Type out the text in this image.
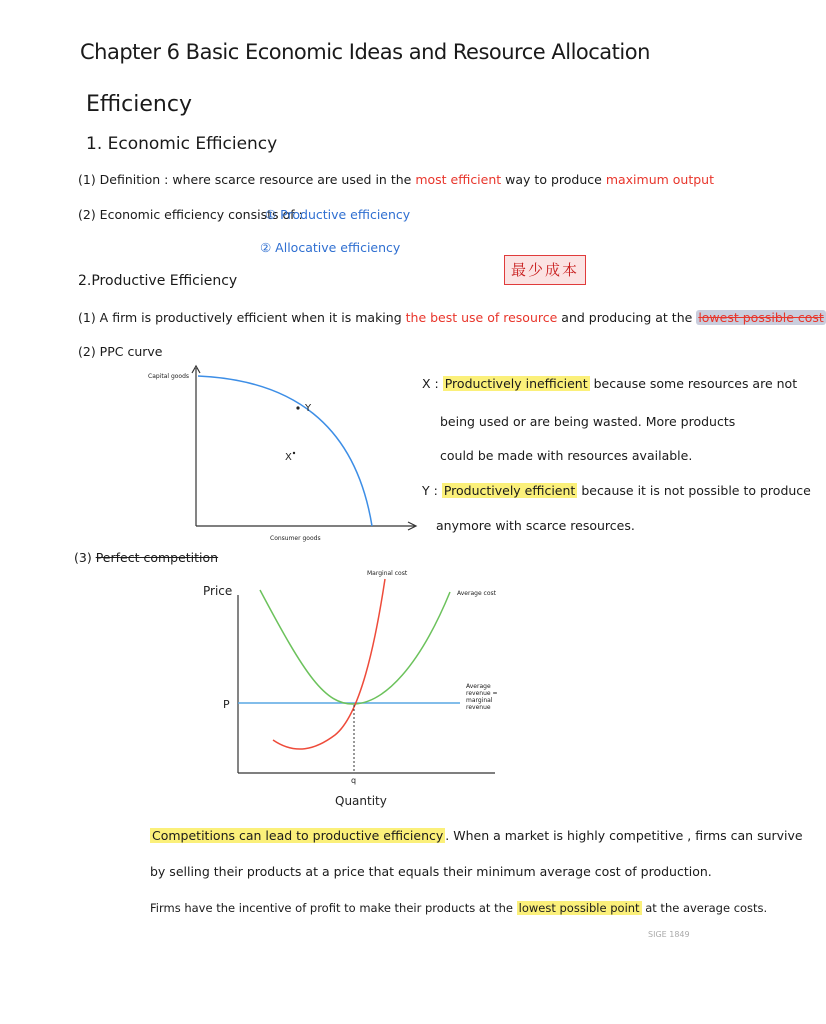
Chapter 6 Basic Economic Ideas and Resource Allocation
Efficiency
1. Economic Efficiency
(1) Definition : where scarce resource are used in the most efficient way to produce maximum output
(2) Economic efficiency consists of :
① Productive efficiency
② Allocative efficiency
最少成本
2.Productive Efficiency
(1) A firm is productively efficient when it is making the best use of resource and producing at the lowest possible cost
(2) PPC curve
Y
X
Capital goods
Consumer goods
X : Productively inefficient because some resources are not
being used or are being wasted. More products
could be made with resources available.
Y : Productively efficient because it is not possible to produce
anymore with scarce resources.
(3) Perfect competition
Price
P
q
Quantity
Marginal cost
Average cost
Average revenue = marginal revenue
Competitions can lead to productive efficiency . When a market is highly competitive , firms can survive
by selling their products at a price that equals their minimum average cost of production.
Firms have the incentive of profit to make their products at the lowest possible point at the average costs.
SIGE 1849
